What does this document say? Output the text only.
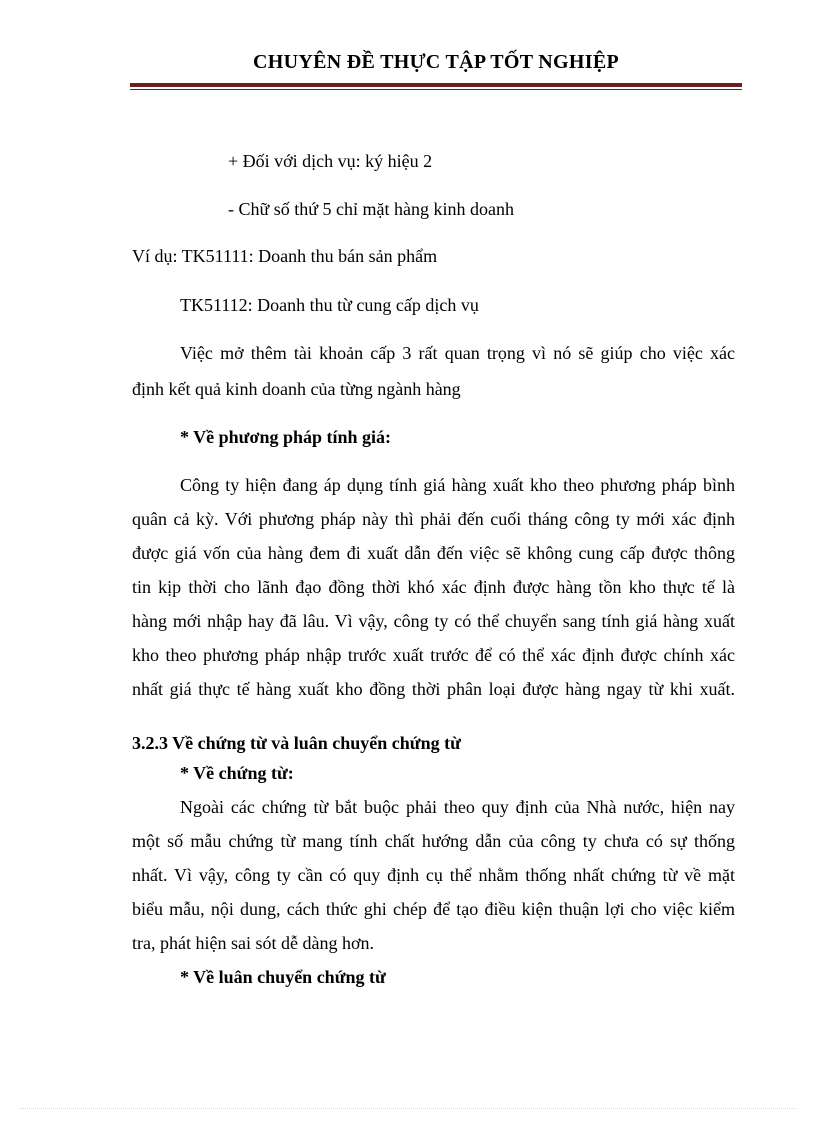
CHUYÊN ĐỀ THỰC TẬP TỐT NGHIỆP
+ Đối với dịch vụ: ký hiệu 2
- Chữ số thứ 5 chỉ mặt hàng kinh doanh
Ví dụ: TK51111: Doanh thu bán sản phẩm
TK51112: Doanh thu từ cung cấp dịch vụ
Việc mở thêm tài khoản cấp 3 rất quan trọng vì nó sẽ giúp cho việc xác
định kết quả kinh doanh của từng ngành hàng
* Về phương pháp tính giá:
Công ty hiện đang áp dụng tính giá hàng xuất kho theo phương pháp bình
quân cả kỳ. Với phương pháp này thì phải đến cuối tháng công ty mới xác định
được giá vốn của hàng đem đi xuất dẫn đến việc sẽ không cung cấp được thông
tin kịp thời cho lãnh đạo đồng thời khó xác định được hàng tồn kho thực tế là
hàng mới nhập hay đã lâu. Vì vậy, công ty có thể chuyển sang tính giá hàng xuất
kho theo phương pháp nhập trước xuất trước để có thể xác định được chính xác
nhất giá thực tế hàng xuất kho đồng thời phân loại được hàng ngay từ khi xuất.
3.2.3 Về chứng từ và luân chuyển chứng từ
* Về chứng từ:
Ngoài các chứng từ bắt buộc phải theo quy định của Nhà nước, hiện nay
một số mẫu chứng từ mang tính chất hướng dẫn của công ty chưa có sự thống
nhất. Vì vậy, công ty cần có quy định cụ thể nhằm thống nhất chứng từ về mặt
biểu mẫu, nội dung, cách thức ghi chép để tạo điều kiện thuận lợi cho việc kiểm
tra, phát hiện sai sót dễ dàng hơn.
* Về luân chuyển chứng từ
